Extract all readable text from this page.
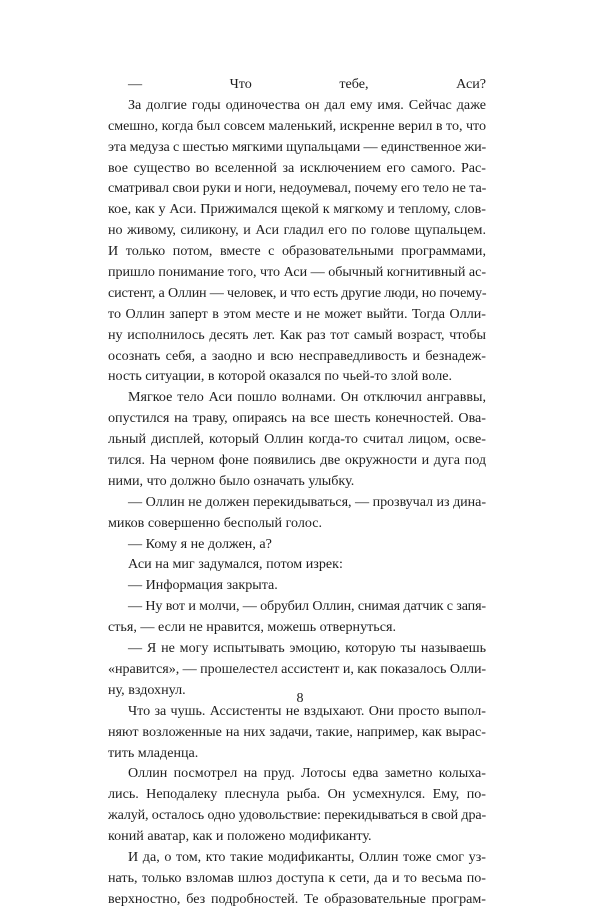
— Что тебе, Аси?
За долгие годы одиночества он дал ему имя. Сейчас даже
смешно, когда был совсем маленький, искренне верил в то, что
эта медуза с шестью мягкими щупальцами — единственное жи-
вое существо во вселенной за исключением его самого. Рас-
сматривал свои руки и ноги, недоумевал, почему его тело не та-
кое, как у Аси. Прижимался щекой к мягкому и теплому, слов-
но живому, силикону, и Аси гладил его по голове щупальцем.
И только потом, вместе с образовательными программами,
пришло понимание того, что Аси — обычный когнитивный ас-
систент, а Оллин — человек, и что есть другие люди, но почему-
то Оллин заперт в этом месте и не может выйти. Тогда Олли-
ну исполнилось десять лет. Как раз тот самый возраст, чтобы
осознать себя, а заодно и всю несправедливость и безнадеж-
ность ситуации, в которой оказался по чьей-то злой воле.
Мягкое тело Аси пошло волнами. Он отключил анграввы,
опустился на траву, опираясь на все шесть конечностей. Ова-
льный дисплей, который Оллин когда-то считал лицом, осве-
тился. На черном фоне появились две окружности и дуга под
ними, что должно было означать улыбку.
— Оллин не должен перекидываться, — прозвучал из дина-
миков совершенно бесполый голос.
— Кому я не должен, а?
Аси на миг задумался, потом изрек:
— Информация закрыта.
— Ну вот и молчи, — обрубил Оллин, снимая датчик с запя-
стья, — если не нравится, можешь отвернуться.
— Я не могу испытывать эмоцию, которую ты называешь
«нравится», — прошелестел ассистент и, как показалось Олли-
ну, вздохнул.
Что за чушь. Ассистенты не вздыхают. Они просто выпол-
няют возложенные на них задачи, такие, например, как вырас-
тить младенца.
Оллин посмотрел на пруд. Лотосы едва заметно колыха-
лись. Неподалеку плеснула рыба. Он усмехнулся. Ему, по-
жалуй, осталось одно удовольствие: перекидываться в свой дра-
коний аватар, как и положено модификанту.
И да, о том, кто такие модификанты, Оллин тоже смог уз-
нать, только взломав шлюз доступа к сети, да и то весьма по-
верхностно, без подробностей. Те образовательные програм-
8
